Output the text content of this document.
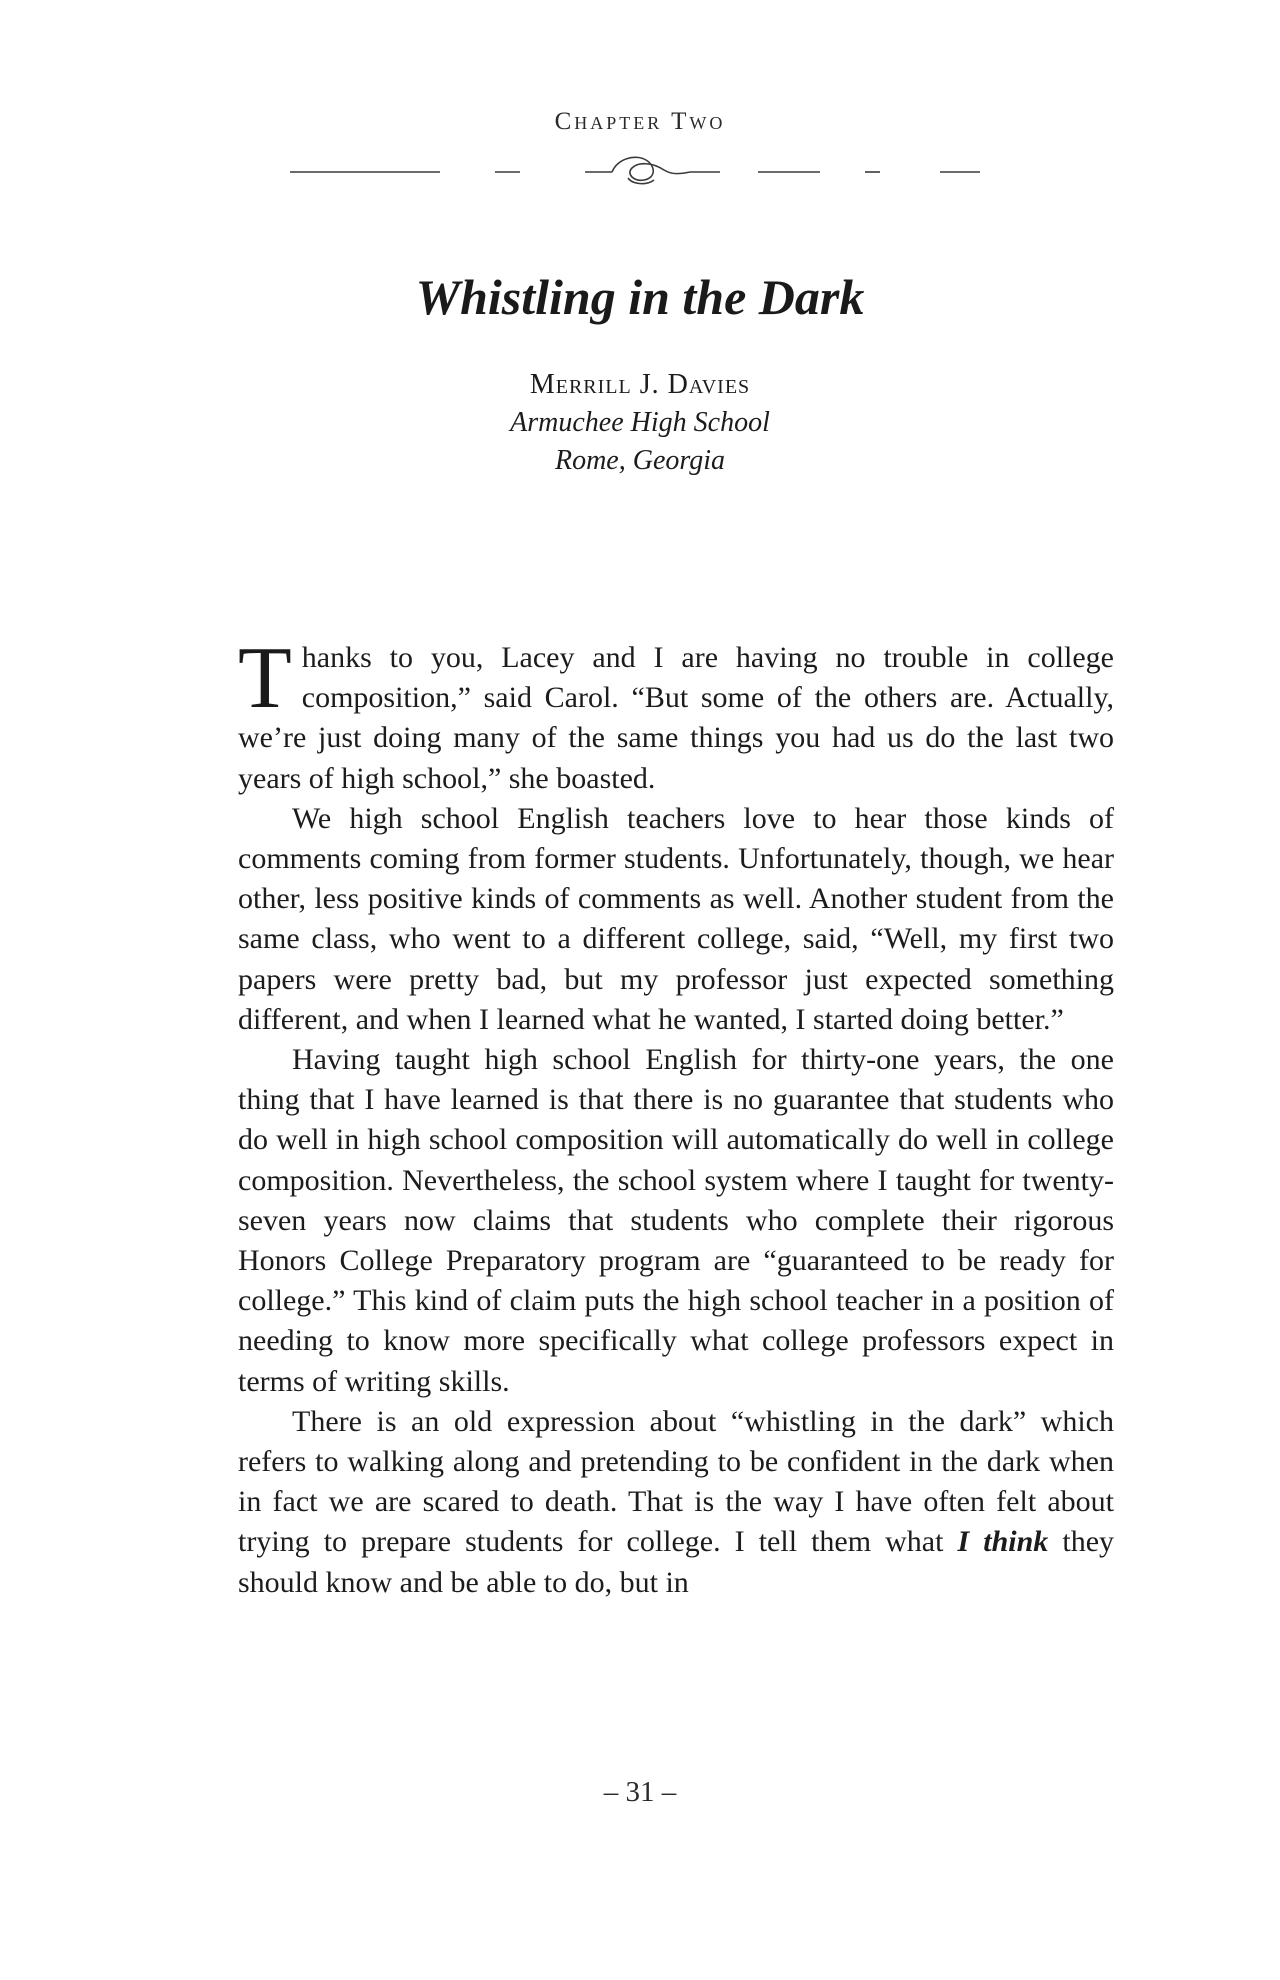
Chapter Two
Whistling in the Dark
Merrill J. Davies
Armuchee High School
Rome, Georgia

Thanks to you, Lacey and I are having no trouble in college composition,” said Carol. “But some of the others are. Actually, we’re just doing many of the same things you had us do the last two years of high school,” she boasted.

We high school English teachers love to hear those kinds of comments coming from former students. Unfortunately, though, we hear other, less positive kinds of comments as well. Another student from the same class, who went to a different college, said, “Well, my first two papers were pretty bad, but my professor just expected something different, and when I learned what he wanted, I started doing better.”

Having taught high school English for thirty-one years, the one thing that I have learned is that there is no guarantee that students who do well in high school composition will automatically do well in college composition. Nevertheless, the school system where I taught for twenty-seven years now claims that students who complete their rigorous Honors College Preparatory program are “guaranteed to be ready for college.” This kind of claim puts the high school teacher in a position of needing to know more specifically what college professors expect in terms of writing skills.

There is an old expression about “whistling in the dark” which refers to walking along and pretending to be confident in the dark when in fact we are scared to death. That is the way I have often felt about trying to prepare students for college. I tell them what I think they should know and be able to do, but in

– 31 –
